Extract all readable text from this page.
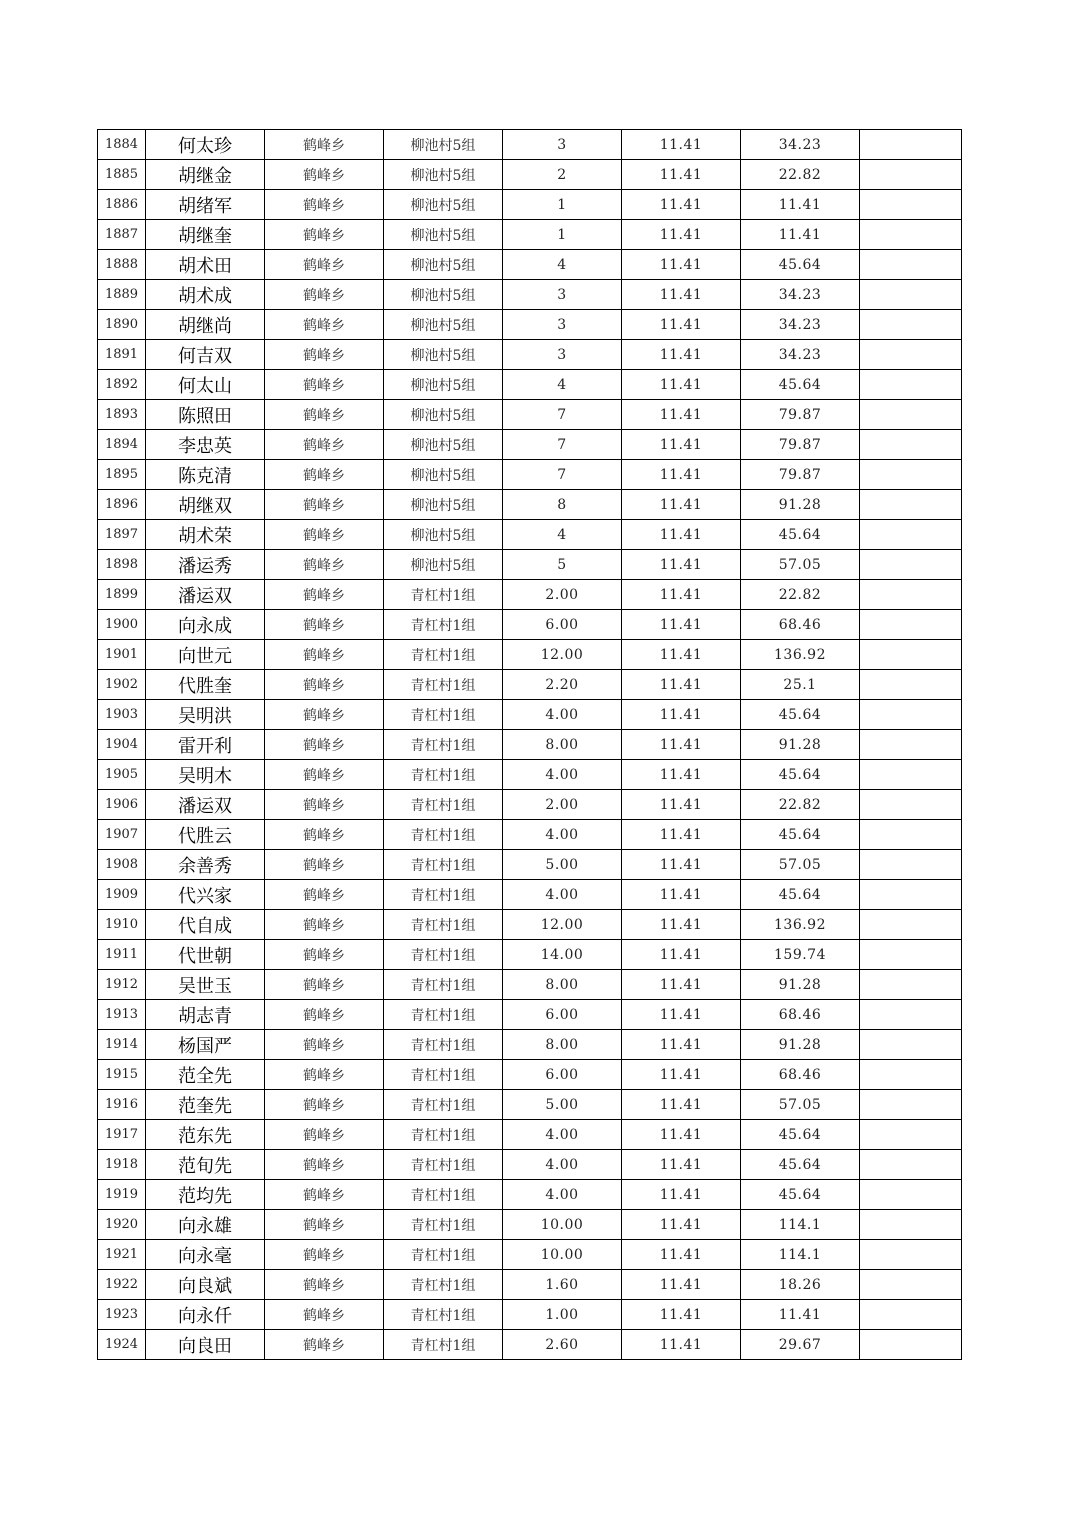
1884	何太珍	鹤峰乡	柳池村5组	3	11.41	34.23	
1885	胡继金	鹤峰乡	柳池村5组	2	11.41	22.82	
1886	胡绪军	鹤峰乡	柳池村5组	1	11.41	11.41	
1887	胡继奎	鹤峰乡	柳池村5组	1	11.41	11.41	
1888	胡术田	鹤峰乡	柳池村5组	4	11.41	45.64	
1889	胡术成	鹤峰乡	柳池村5组	3	11.41	34.23	
1890	胡继尚	鹤峰乡	柳池村5组	3	11.41	34.23	
1891	何吉双	鹤峰乡	柳池村5组	3	11.41	34.23	
1892	何太山	鹤峰乡	柳池村5组	4	11.41	45.64	
1893	陈照田	鹤峰乡	柳池村5组	7	11.41	79.87	
1894	李忠英	鹤峰乡	柳池村5组	7	11.41	79.87	
1895	陈克清	鹤峰乡	柳池村5组	7	11.41	79.87	
1896	胡继双	鹤峰乡	柳池村5组	8	11.41	91.28	
1897	胡术荣	鹤峰乡	柳池村5组	4	11.41	45.64	
1898	潘运秀	鹤峰乡	柳池村5组	5	11.41	57.05	
1899	潘运双	鹤峰乡	青杠村1组	2.00	11.41	22.82	
1900	向永成	鹤峰乡	青杠村1组	6.00	11.41	68.46	
1901	向世元	鹤峰乡	青杠村1组	12.00	11.41	136.92	
1902	代胜奎	鹤峰乡	青杠村1组	2.20	11.41	25.1	
1903	吴明洪	鹤峰乡	青杠村1组	4.00	11.41	45.64	
1904	雷开利	鹤峰乡	青杠村1组	8.00	11.41	91.28	
1905	吴明木	鹤峰乡	青杠村1组	4.00	11.41	45.64	
1906	潘运双	鹤峰乡	青杠村1组	2.00	11.41	22.82	
1907	代胜云	鹤峰乡	青杠村1组	4.00	11.41	45.64	
1908	余善秀	鹤峰乡	青杠村1组	5.00	11.41	57.05	
1909	代兴家	鹤峰乡	青杠村1组	4.00	11.41	45.64	
1910	代自成	鹤峰乡	青杠村1组	12.00	11.41	136.92	
1911	代世朝	鹤峰乡	青杠村1组	14.00	11.41	159.74	
1912	吴世玉	鹤峰乡	青杠村1组	8.00	11.41	91.28	
1913	胡志青	鹤峰乡	青杠村1组	6.00	11.41	68.46	
1914	杨国严	鹤峰乡	青杠村1组	8.00	11.41	91.28	
1915	范全先	鹤峰乡	青杠村1组	6.00	11.41	68.46	
1916	范奎先	鹤峰乡	青杠村1组	5.00	11.41	57.05	
1917	范东先	鹤峰乡	青杠村1组	4.00	11.41	45.64	
1918	范旬先	鹤峰乡	青杠村1组	4.00	11.41	45.64	
1919	范均先	鹤峰乡	青杠村1组	4.00	11.41	45.64	
1920	向永雄	鹤峰乡	青杠村1组	10.00	11.41	114.1	
1921	向永毫	鹤峰乡	青杠村1组	10.00	11.41	114.1	
1922	向良斌	鹤峰乡	青杠村1组	1.60	11.41	18.26	
1923	向永仟	鹤峰乡	青杠村1组	1.00	11.41	11.41	
1924	向良田	鹤峰乡	青杠村1组	2.60	11.41	29.67	
